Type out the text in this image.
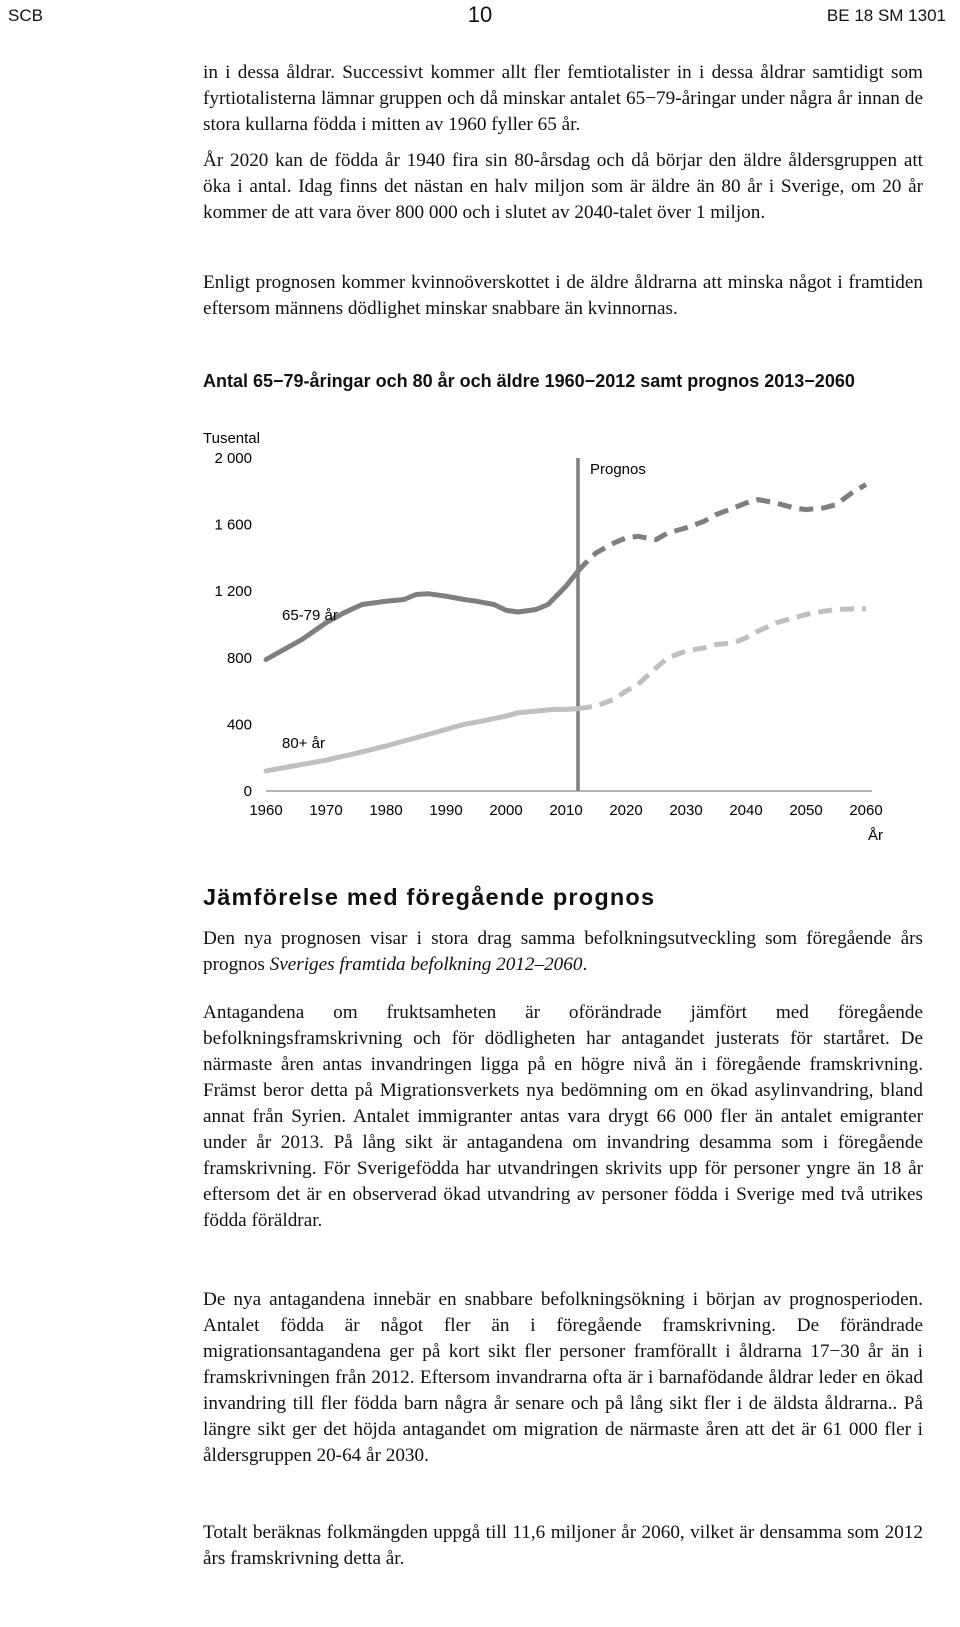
SCB	10	BE 18 SM 1301

in i dessa åldrar. Successivt kommer allt fler femtiotalister in i dessa åldrar samtidigt som fyrtiotalisterna lämnar gruppen och då minskar antalet 65−79-åringar under några år innan de stora kullarna födda i mitten av 1960 fyller 65 år.

År 2020 kan de födda år 1940 fira sin 80-årsdag och då börjar den äldre åldersgruppen att öka i antal. Idag finns det nästan en halv miljon som är äldre än 80 år i Sverige, om 20 år kommer de att vara över 800 000 och i slutet av 2040-talet över 1 miljon.

Enligt prognosen kommer kvinnoöverskottet i de äldre åldrarna att minska något i framtiden eftersom männens dödlighet minskar snabbare än kvinnornas.

Antal 65−79-åringar och 80 år och äldre 1960−2012 samt prognos 2013−2060
Tusental
0
400
800
1 200
1 600
2 000
1960 1970 1980 1990 2000 2010 2020 2030 2040 2050 2060
Prognos
65-79 år
80+ år
År
Jämförelse med föregående prognos

Den nya prognosen visar i stora drag samma befolkningsutveckling som föregående års prognos Sveriges framtida befolkning 2012–2060.

Antagandena om fruktsamheten är oförändrade jämfört med föregående befolkningsframskrivning och för dödligheten har antagandet justerats för startåret. De närmaste åren antas invandringen ligga på en högre nivå än i föregående framskrivning. Främst beror detta på Migrationsverkets nya bedömning om en ökad asylinvandring, bland annat från Syrien. Antalet immigranter antas vara drygt 66 000 fler än antalet emigranter under år 2013. På lång sikt är antagandena om invandring desamma som i föregående framskrivning. För Sverigefödda har utvandringen skrivits upp för personer yngre än 18 år eftersom det är en observerad ökad utvandring av personer födda i Sverige med två utrikes födda föräldrar.

De nya antagandena innebär en snabbare befolkningsökning i början av prognosperioden. Antalet födda är något fler än i föregående framskrivning. De förändrade migrationsantagandena ger på kort sikt fler personer framförallt i åldrarna 17−30 år än i framskrivningen från 2012. Eftersom invandrarna ofta är i barnafödande åldrar leder en ökad invandring till fler födda barn några år senare och på lång sikt fler i de äldsta åldrarna.. På längre sikt ger det höjda antagandet om migration de närmaste åren att det är 61 000 fler i åldersgruppen 20-64 år 2030.

Totalt beräknas folkmängden uppgå till 11,6 miljoner år 2060, vilket är densamma som 2012 års framskrivning detta år.
